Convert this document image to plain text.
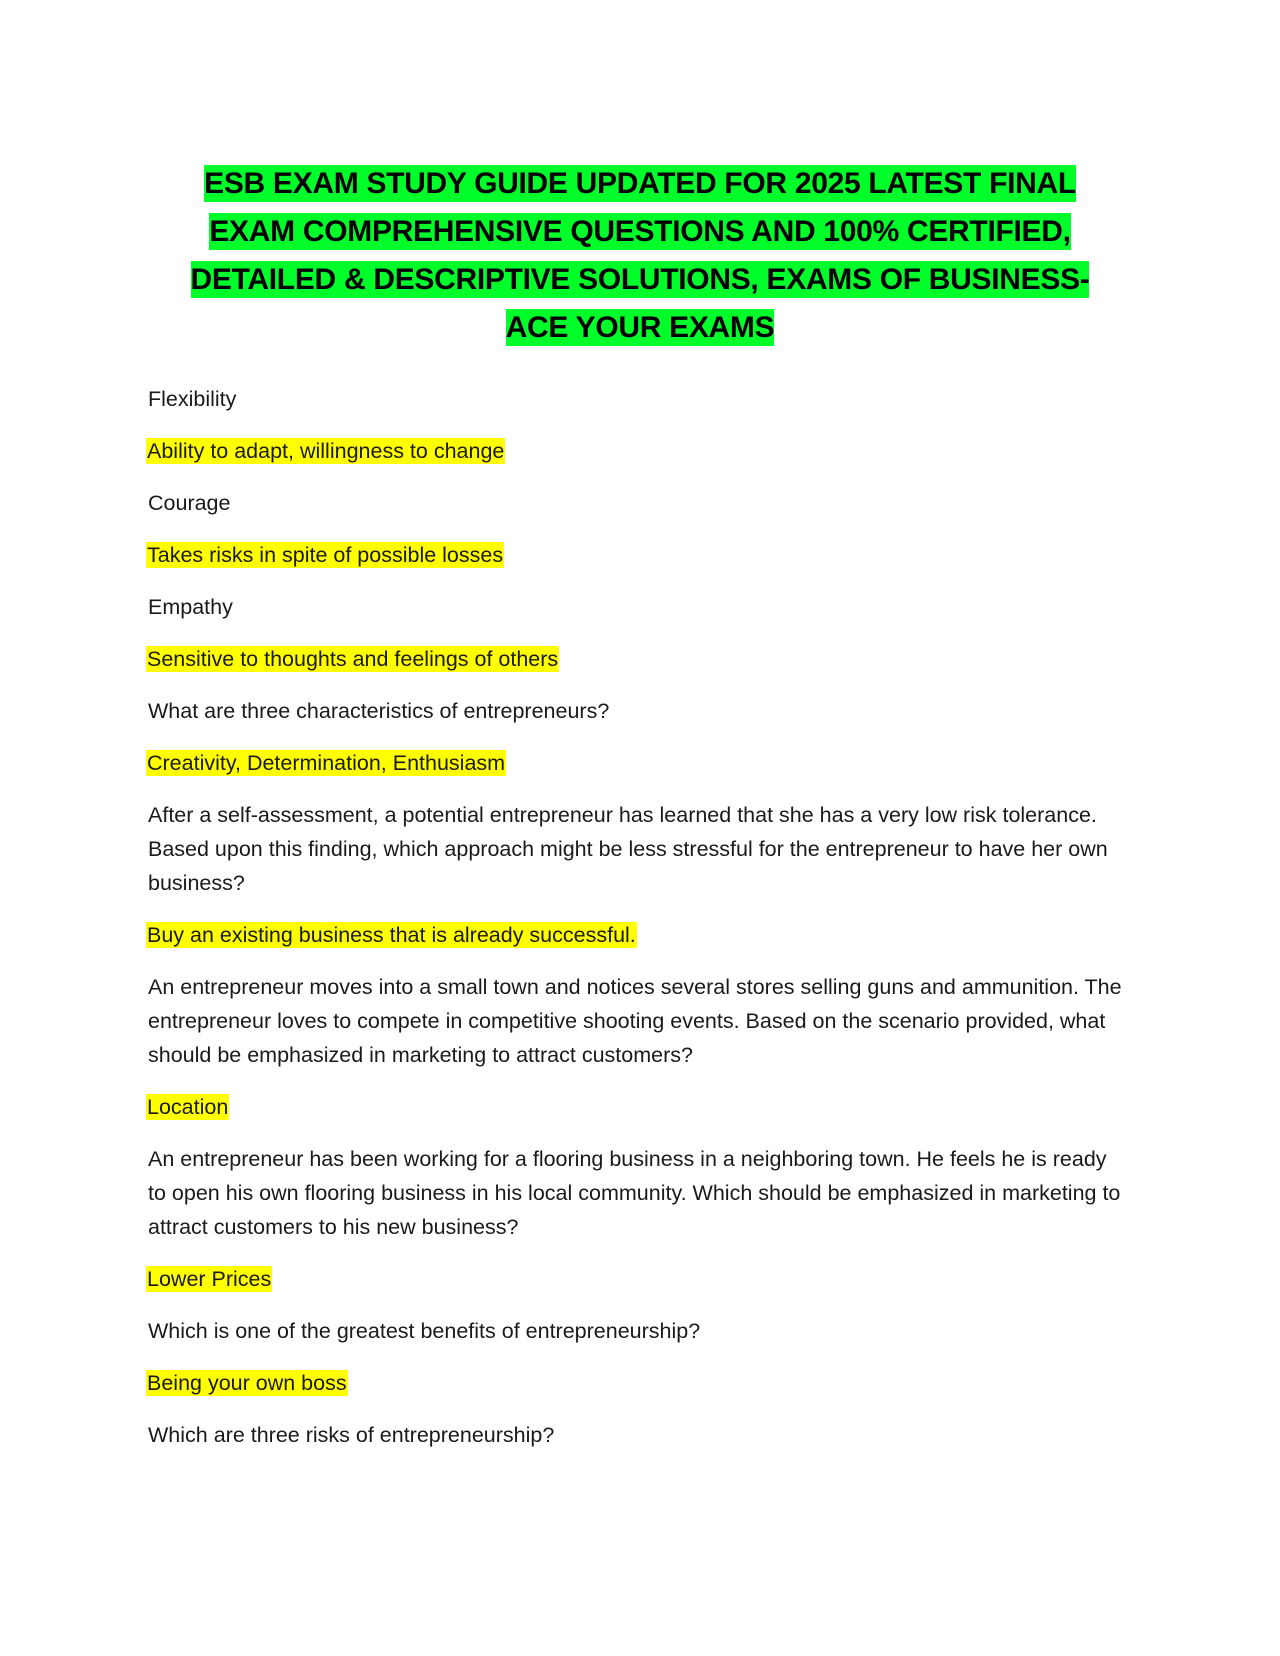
ESB EXAM STUDY GUIDE UPDATED FOR 2025 LATEST FINAL
EXAM COMPREHENSIVE QUESTIONS AND 100% CERTIFIED,
DETAILED & DESCRIPTIVE SOLUTIONS, EXAMS OF BUSINESS-
ACE YOUR EXAMS

Flexibility

Ability to adapt, willingness to change

Courage

Takes risks in spite of possible losses

Empathy

Sensitive to thoughts and feelings of others

What are three characteristics of entrepreneurs?

Creativity, Determination, Enthusiasm

After a self-assessment, a potential entrepreneur has learned that she has a very low risk tolerance. Based upon this finding, which approach might be less stressful for the entrepreneur to have her own business?

Buy an existing business that is already successful.

An entrepreneur moves into a small town and notices several stores selling guns and ammunition. The entrepreneur loves to compete in competitive shooting events. Based on the scenario provided, what should be emphasized in marketing to attract customers?

Location

An entrepreneur has been working for a flooring business in a neighboring town. He feels he is ready to open his own flooring business in his local community. Which should be emphasized in marketing to attract customers to his new business?

Lower Prices

Which is one of the greatest benefits of entrepreneurship?

Being your own boss

Which are three risks of entrepreneurship?
